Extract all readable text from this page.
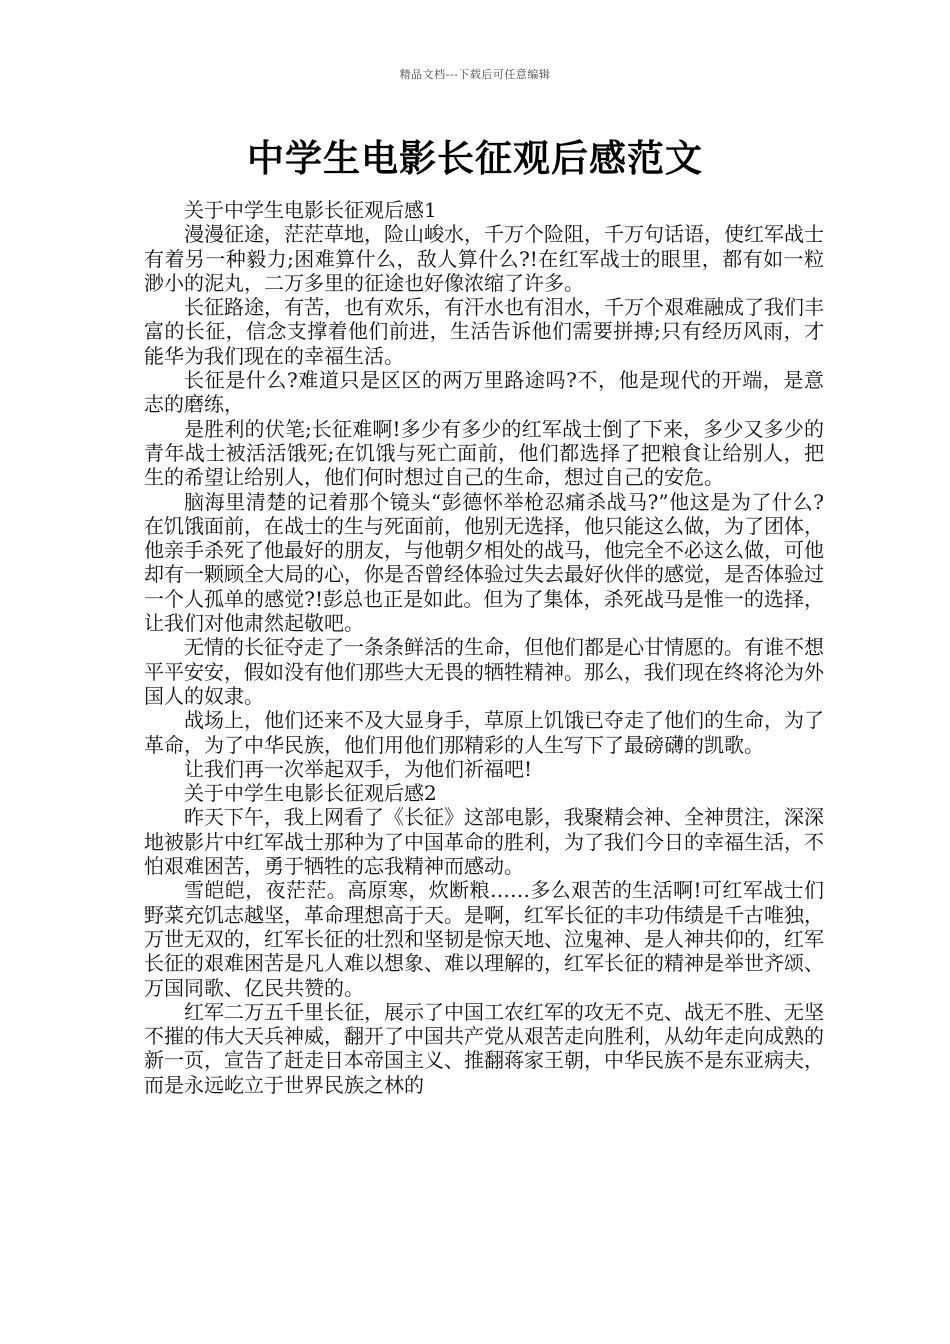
精品文档---下载后可任意编辑
中学生电影长征观后感范文

关于中学生电影长征观后感1

漫漫征途，茫茫草地，险山峻水，千万个险阻，千万句话语，使红军战士有着另一种毅力;困难算什么，敌人算什么?!在红军战士的眼里，都有如一粒渺小的泥丸，二万多里的征途也好像浓缩了许多。

长征路途，有苦，也有欢乐，有汗水也有泪水，千万个艰难融成了我们丰富的长征，信念支撑着他们前进，生活告诉他们需要拼搏;只有经历风雨，才能华为我们现在的幸福生活。

长征是什么?难道只是区区的两万里路途吗?不，他是现代的开端，是意志的磨练，

是胜利的伏笔;长征难啊!多少有多少的红军战士倒了下来，多少又多少的青年战士被活活饿死;在饥饿与死亡面前，他们都选择了把粮食让给别人，把生的希望让给别人，他们何时想过自己的生命，想过自己的安危。

脑海里清楚的记着那个镜头“彭德怀举枪忍痛杀战马?”他这是为了什么?在饥饿面前，在战士的生与死面前，他别无选择，他只能这么做，为了团体，他亲手杀死了他最好的朋友，与他朝夕相处的战马，他完全不必这么做，可他却有一颗顾全大局的心，你是否曾经体验过失去最好伙伴的感觉，是否体验过一个人孤单的感觉?!彭总也正是如此。但为了集体，杀死战马是惟一的选择，让我们对他肃然起敬吧。

无情的长征夺走了一条条鲜活的生命，但他们都是心甘情愿的。有谁不想平平安安，假如没有他们那些大无畏的牺牲精神。那么，我们现在终将沦为外国人的奴隶。

战场上，他们还来不及大显身手，草原上饥饿已夺走了他们的生命，为了革命，为了中华民族，他们用他们那精彩的人生写下了最磅礴的凯歌。

让我们再一次举起双手，为他们祈福吧!

关于中学生电影长征观后感2

昨天下午，我上网看了《长征》这部电影，我聚精会神、全神贯注，深深地被影片中红军战士那种为了中国革命的胜利，为了我们今日的幸福生活，不怕艰难困苦，勇于牺牲的忘我精神而感动。

雪皑皑，夜茫茫。高原寒，炊断粮……多么艰苦的生活啊!可红军战士们野菜充饥志越坚，革命理想高于天。是啊，红军长征的丰功伟绩是千古唯独，万世无双的，红军长征的壮烈和坚韧是惊天地、泣鬼神、是人神共仰的，红军长征的艰难困苦是凡人难以想象、难以理解的，红军长征的精神是举世齐颂、万国同歌、亿民共赞的。

红军二万五千里长征，展示了中国工农红军的攻无不克、战无不胜、无坚不摧的伟大天兵神威，翻开了中国共产党从艰苦走向胜利，从幼年走向成熟的新一页，宣告了赶走日本帝国主义、推翻蒋家王朝，中华民族不是东亚病夫，而是永远屹立于世界民族之林的
